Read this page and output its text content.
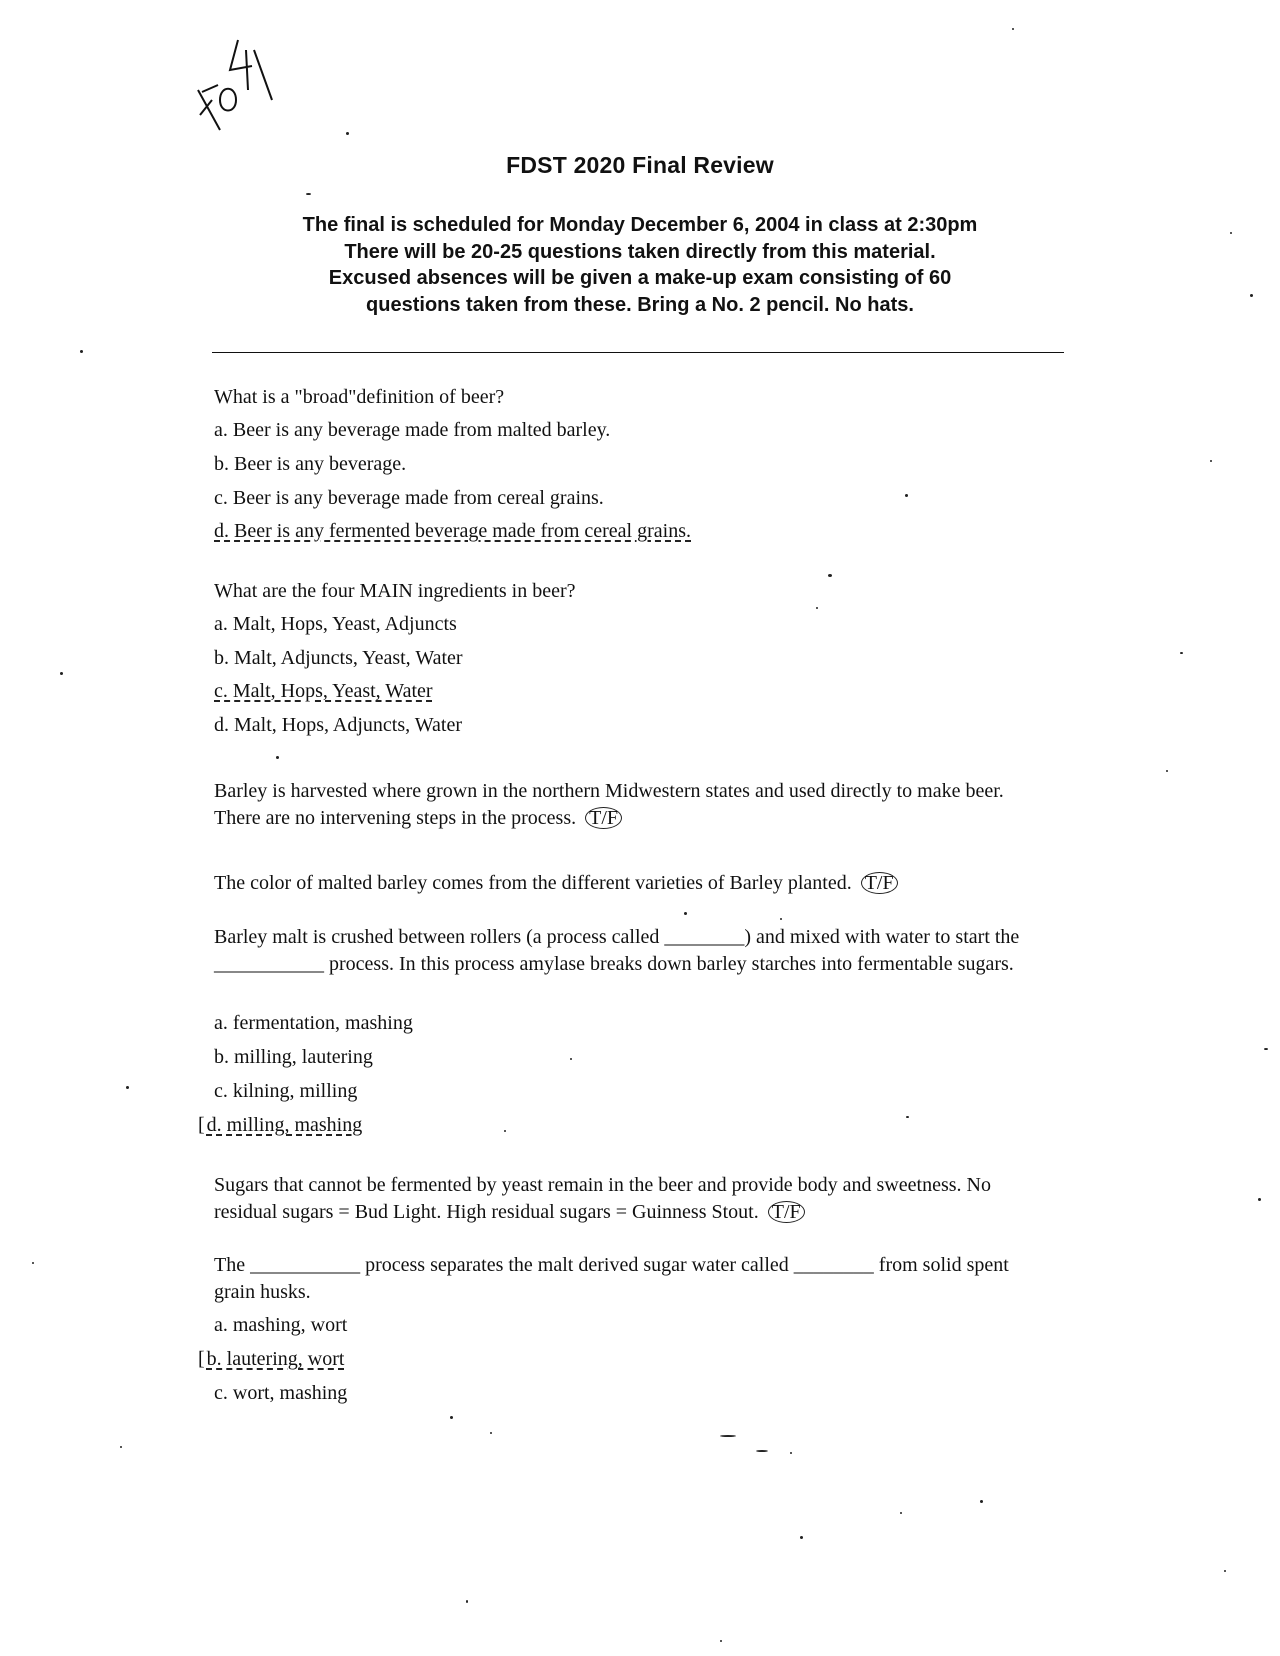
FDST 2020 Final Review
The final is scheduled for Monday December 6, 2004 in class at 2:30pm
There will be 20-25 questions taken directly from this material.
Excused absences will be given a make-up exam consisting of 60
questions taken from these. Bring a No. 2 pencil. No hats.

What is a "broad"definition of beer?

a. Beer is any beverage made from malted barley.
b. Beer is any beverage.
c. Beer is any beverage made from cereal grains.
d. Beer is any fermented beverage made from cereal grains.

What are the four MAIN ingredients in beer?

a. Malt, Hops, Yeast, Adjuncts
b. Malt, Adjuncts, Yeast, Water
c. Malt, Hops, Yeast, Water
d. Malt, Hops, Adjuncts, Water

Barley is harvested where grown in the northern Midwestern states and used directly to make beer. There are no intervening steps in the process. T/F

The color of malted barley comes from the different varieties of Barley planted. T/F

Barley malt is crushed between rollers (a process called ________) and mixed with water to start the ___________ process. In this process amylase breaks down barley starches into fermentable sugars.

a. fermentation, mashing
b. milling, lautering
c. kilning, milling
[ d. milling, mashing

Sugars that cannot be fermented by yeast remain in the beer and provide body and sweetness. No residual sugars = Bud Light. High residual sugars = Guinness Stout. T/F

The ___________ process separates the malt derived sugar water called ________ from solid spent grain husks.

a. mashing, wort
[ b. lautering, wort
c. wort, mashing
